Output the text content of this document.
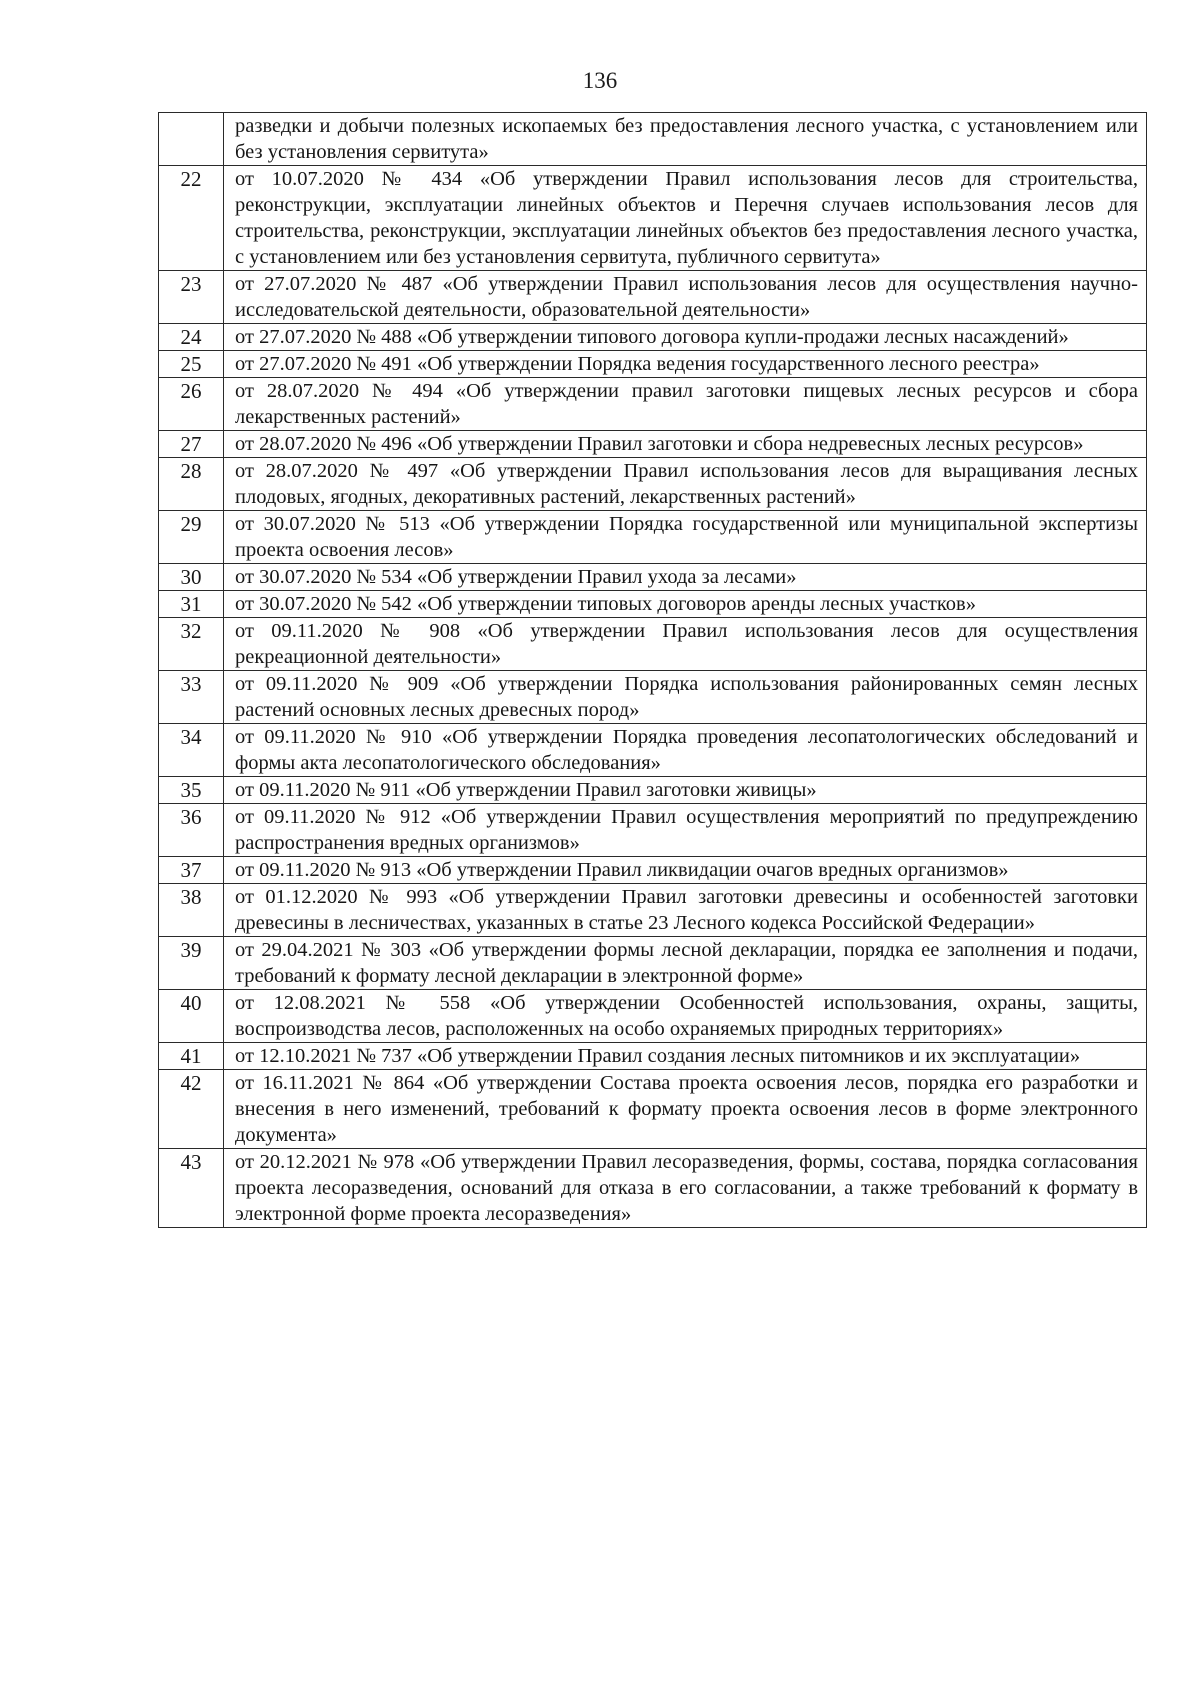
136
	разведки и добычи полезных ископаемых без предоставления лесного участка, с установлением или без установления сервитута»
22	от 10.07.2020 № 434 «Об утверждении Правил использования лесов для строительства, реконструкции, эксплуатации линейных объектов и Перечня случаев использования лесов для строительства, реконструкции, эксплуатации линейных объектов без предоставления лесного участка, с установлением или без установления сервитута, публичного сервитута»
23	от 27.07.2020 № 487 «Об утверждении Правил использования лесов для осуществления научно-исследовательской деятельности, образовательной деятельности»
24	от 27.07.2020 № 488 «Об утверждении типового договора купли-продажи лесных насаждений»
25	от 27.07.2020 № 491 «Об утверждении Порядка ведения государственного лесного реестра»
26	от 28.07.2020 № 494 «Об утверждении правил заготовки пищевых лесных ресурсов и сбора лекарственных растений»
27	от 28.07.2020 № 496 «Об утверждении Правил заготовки и сбора недревесных лесных ресурсов»
28	от 28.07.2020 № 497 «Об утверждении Правил использования лесов для выращивания лесных плодовых, ягодных, декоративных растений, лекарственных растений»
29	от 30.07.2020 № 513 «Об утверждении Порядка государственной или муниципальной экспертизы проекта освоения лесов»
30	от 30.07.2020 № 534 «Об утверждении Правил ухода за лесами»
31	от 30.07.2020 № 542 «Об утверждении типовых договоров аренды лесных участков»
32	от 09.11.2020 № 908 «Об утверждении Правил использования лесов для осуществления рекреационной деятельности»
33	от 09.11.2020 № 909 «Об утверждении Порядка использования районированных семян лесных растений основных лесных древесных пород»
34	от 09.11.2020 № 910 «Об утверждении Порядка проведения лесопатологических обследований и формы акта лесопатологического обследования»
35	от 09.11.2020 № 911 «Об утверждении Правил заготовки живицы»
36	от 09.11.2020 № 912 «Об утверждении Правил осуществления мероприятий по предупреждению распространения вредных организмов»
37	от 09.11.2020 № 913 «Об утверждении Правил ликвидации очагов вредных организмов»
38	от 01.12.2020 № 993 «Об утверждении Правил заготовки древесины и особенностей заготовки древесины в лесничествах, указанных в статье 23 Лесного кодекса Российской Федерации»
39	от 29.04.2021 № 303 «Об утверждении формы лесной декларации, порядка ее заполнения и подачи, требований к формату лесной декларации в электронной форме»
40	от 12.08.2021 № 558 «Об утверждении Особенностей использования, охраны, защиты, воспроизводства лесов, расположенных на особо охраняемых природных территориях»
41	от 12.10.2021 № 737 «Об утверждении Правил создания лесных питомников и их эксплуатации»
42	от 16.11.2021 № 864 «Об утверждении Состава проекта освоения лесов, порядка его разработки и внесения в него изменений, требований к формату проекта освоения лесов в форме электронного документа»
43	от 20.12.2021 № 978 «Об утверждении Правил лесоразведения, формы, состава, порядка согласования проекта лесоразведения, оснований для отказа в его согласовании, а также требований к формату в электронной форме проекта лесоразведения»
